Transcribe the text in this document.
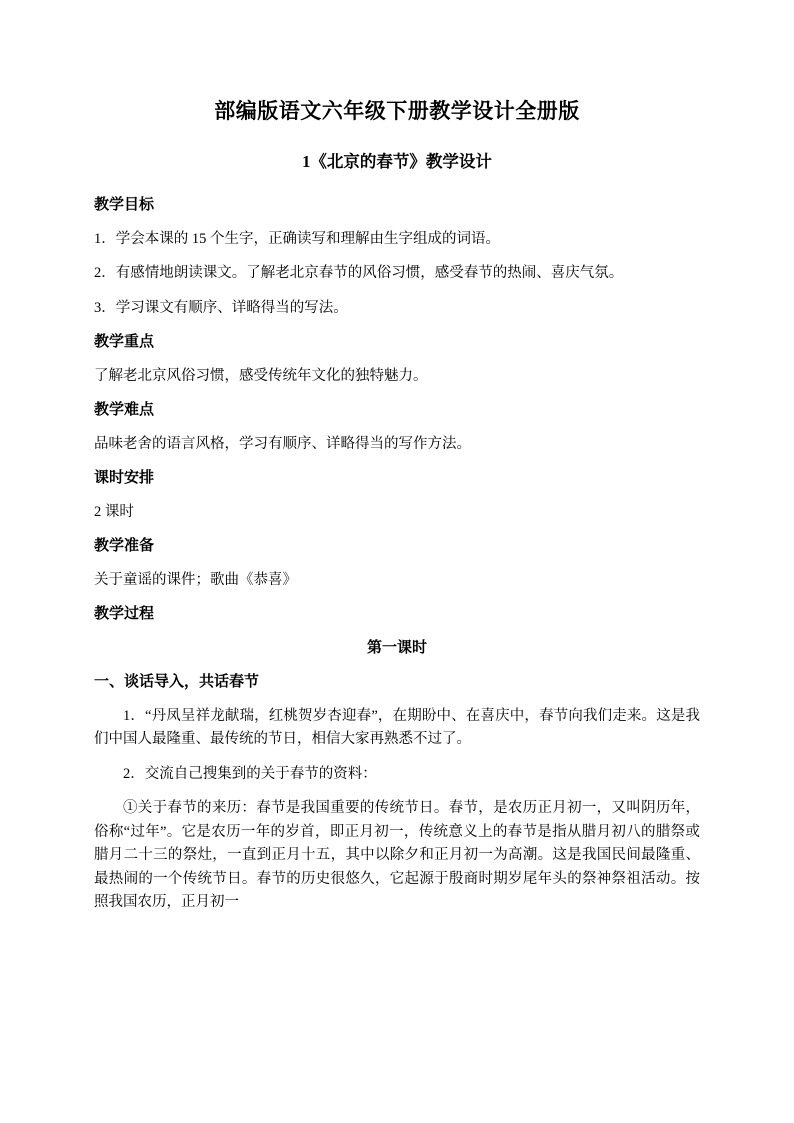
部编版语文六年级下册教学设计全册版
1《北京的春节》教学设计
教学目标

1．学会本课的 15 个生字，正确读写和理解由生字组成的词语。

2．有感情地朗读课文。了解老北京春节的风俗习惯，感受春节的热闹、喜庆气氛。

3．学习课文有顺序、详略得当的写法。

教学重点

了解老北京风俗习惯，感受传统年文化的独特魅力。

教学难点

品味老舍的语言风格，学习有顺序、详略得当的写作方法。

课时安排

2 课时

教学准备

关于童谣的课件；歌曲《恭喜》

教学过程

第一课时

一、谈话导入，共话春节

1．“丹凤呈祥龙献瑞，红桃贺岁杏迎春”，在期盼中、在喜庆中，春节向我们走来。这是我们中国人最隆重、最传统的节日，相信大家再熟悉不过了。

2．交流自己搜集到的关于春节的资料：

①关于春节的来历：春节是我国重要的传统节日。春节，是农历正月初一，又叫阴历年，俗称“过年”。它是农历一年的岁首，即正月初一，传统意义上的春节是指从腊月初八的腊祭或腊月二十三的祭灶，一直到正月十五，其中以除夕和正月初一为高潮。这是我国民间最隆重、最热闹的一个传统节日。春节的历史很悠久，它起源于殷商时期岁尾年头的祭神祭祖活动。按照我国农历，正月初一
